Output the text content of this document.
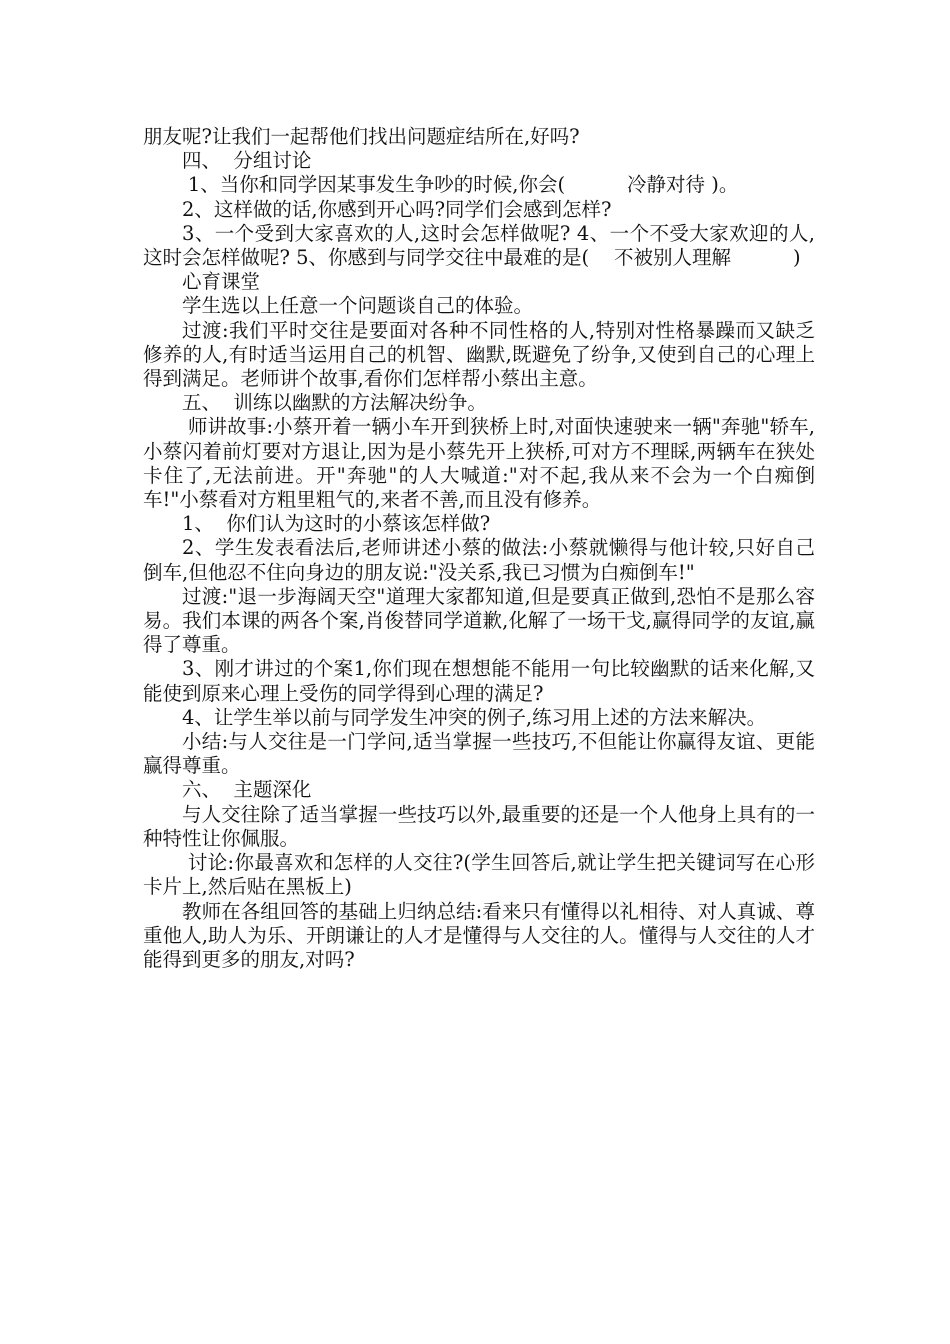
朋友呢?让我们一起帮他们找出问题症结所在,好吗?

四、  分组讨论

1、当你和同学因某事发生争吵的时候,你会(          冷静对待 )。

2、这样做的话,你感到开心吗?同学们会感到怎样?

3、一个受到大家喜欢的人,这时会怎样做呢? 4、一个不受大家欢迎的人,这时会怎样做呢? 5、你感到与同学交往中最难的是(    不被别人理解          )

心育课堂

学生选以上任意一个问题谈自己的体验。

过渡:我们平时交往是要面对各种不同性格的人,特别对性格暴躁而又缺乏修养的人,有时适当运用自己的机智、幽默,既避免了纷争,又使到自己的心理上得到满足。老师讲个故事,看你们怎样帮小蔡出主意。

五、  训练以幽默的方法解决纷争。

师讲故事:小蔡开着一辆小车开到狭桥上时,对面快速驶来一辆"奔驰"轿车,小蔡闪着前灯要对方退让,因为是小蔡先开上狭桥,可对方不理睬,两辆车在狭处卡住了,无法前进。开"奔驰"的人大喊道:"对不起,我从来不会为一个白痴倒车!"小蔡看对方粗里粗气的,来者不善,而且没有修养。

1、  你们认为这时的小蔡该怎样做?

2、学生发表看法后,老师讲述小蔡的做法:小蔡就懒得与他计较,只好自己倒车,但他忍不住向身边的朋友说:"没关系,我已习惯为白痴倒车!"

过渡:"退一步海阔天空"道理大家都知道,但是要真正做到,恐怕不是那么容易。我们本课的两各个案,肖俊替同学道歉,化解了一场干戈,赢得同学的友谊,赢得了尊重。

3、刚才讲过的个案1,你们现在想想能不能用一句比较幽默的话来化解,又能使到原来心理上受伤的同学得到心理的满足?

4、让学生举以前与同学发生冲突的例子,练习用上述的方法来解决。

小结:与人交往是一门学问,适当掌握一些技巧,不但能让你赢得友谊、更能赢得尊重。

六、  主题深化

与人交往除了适当掌握一些技巧以外,最重要的还是一个人他身上具有的一种特性让你佩服。

讨论:你最喜欢和怎样的人交往?(学生回答后,就让学生把关键词写在心形卡片上,然后贴在黑板上)

教师在各组回答的基础上归纳总结:看来只有懂得以礼相待、对人真诚、尊重他人,助人为乐、开朗谦让的人才是懂得与人交往的人。懂得与人交往的人才能得到更多的朋友,对吗?
